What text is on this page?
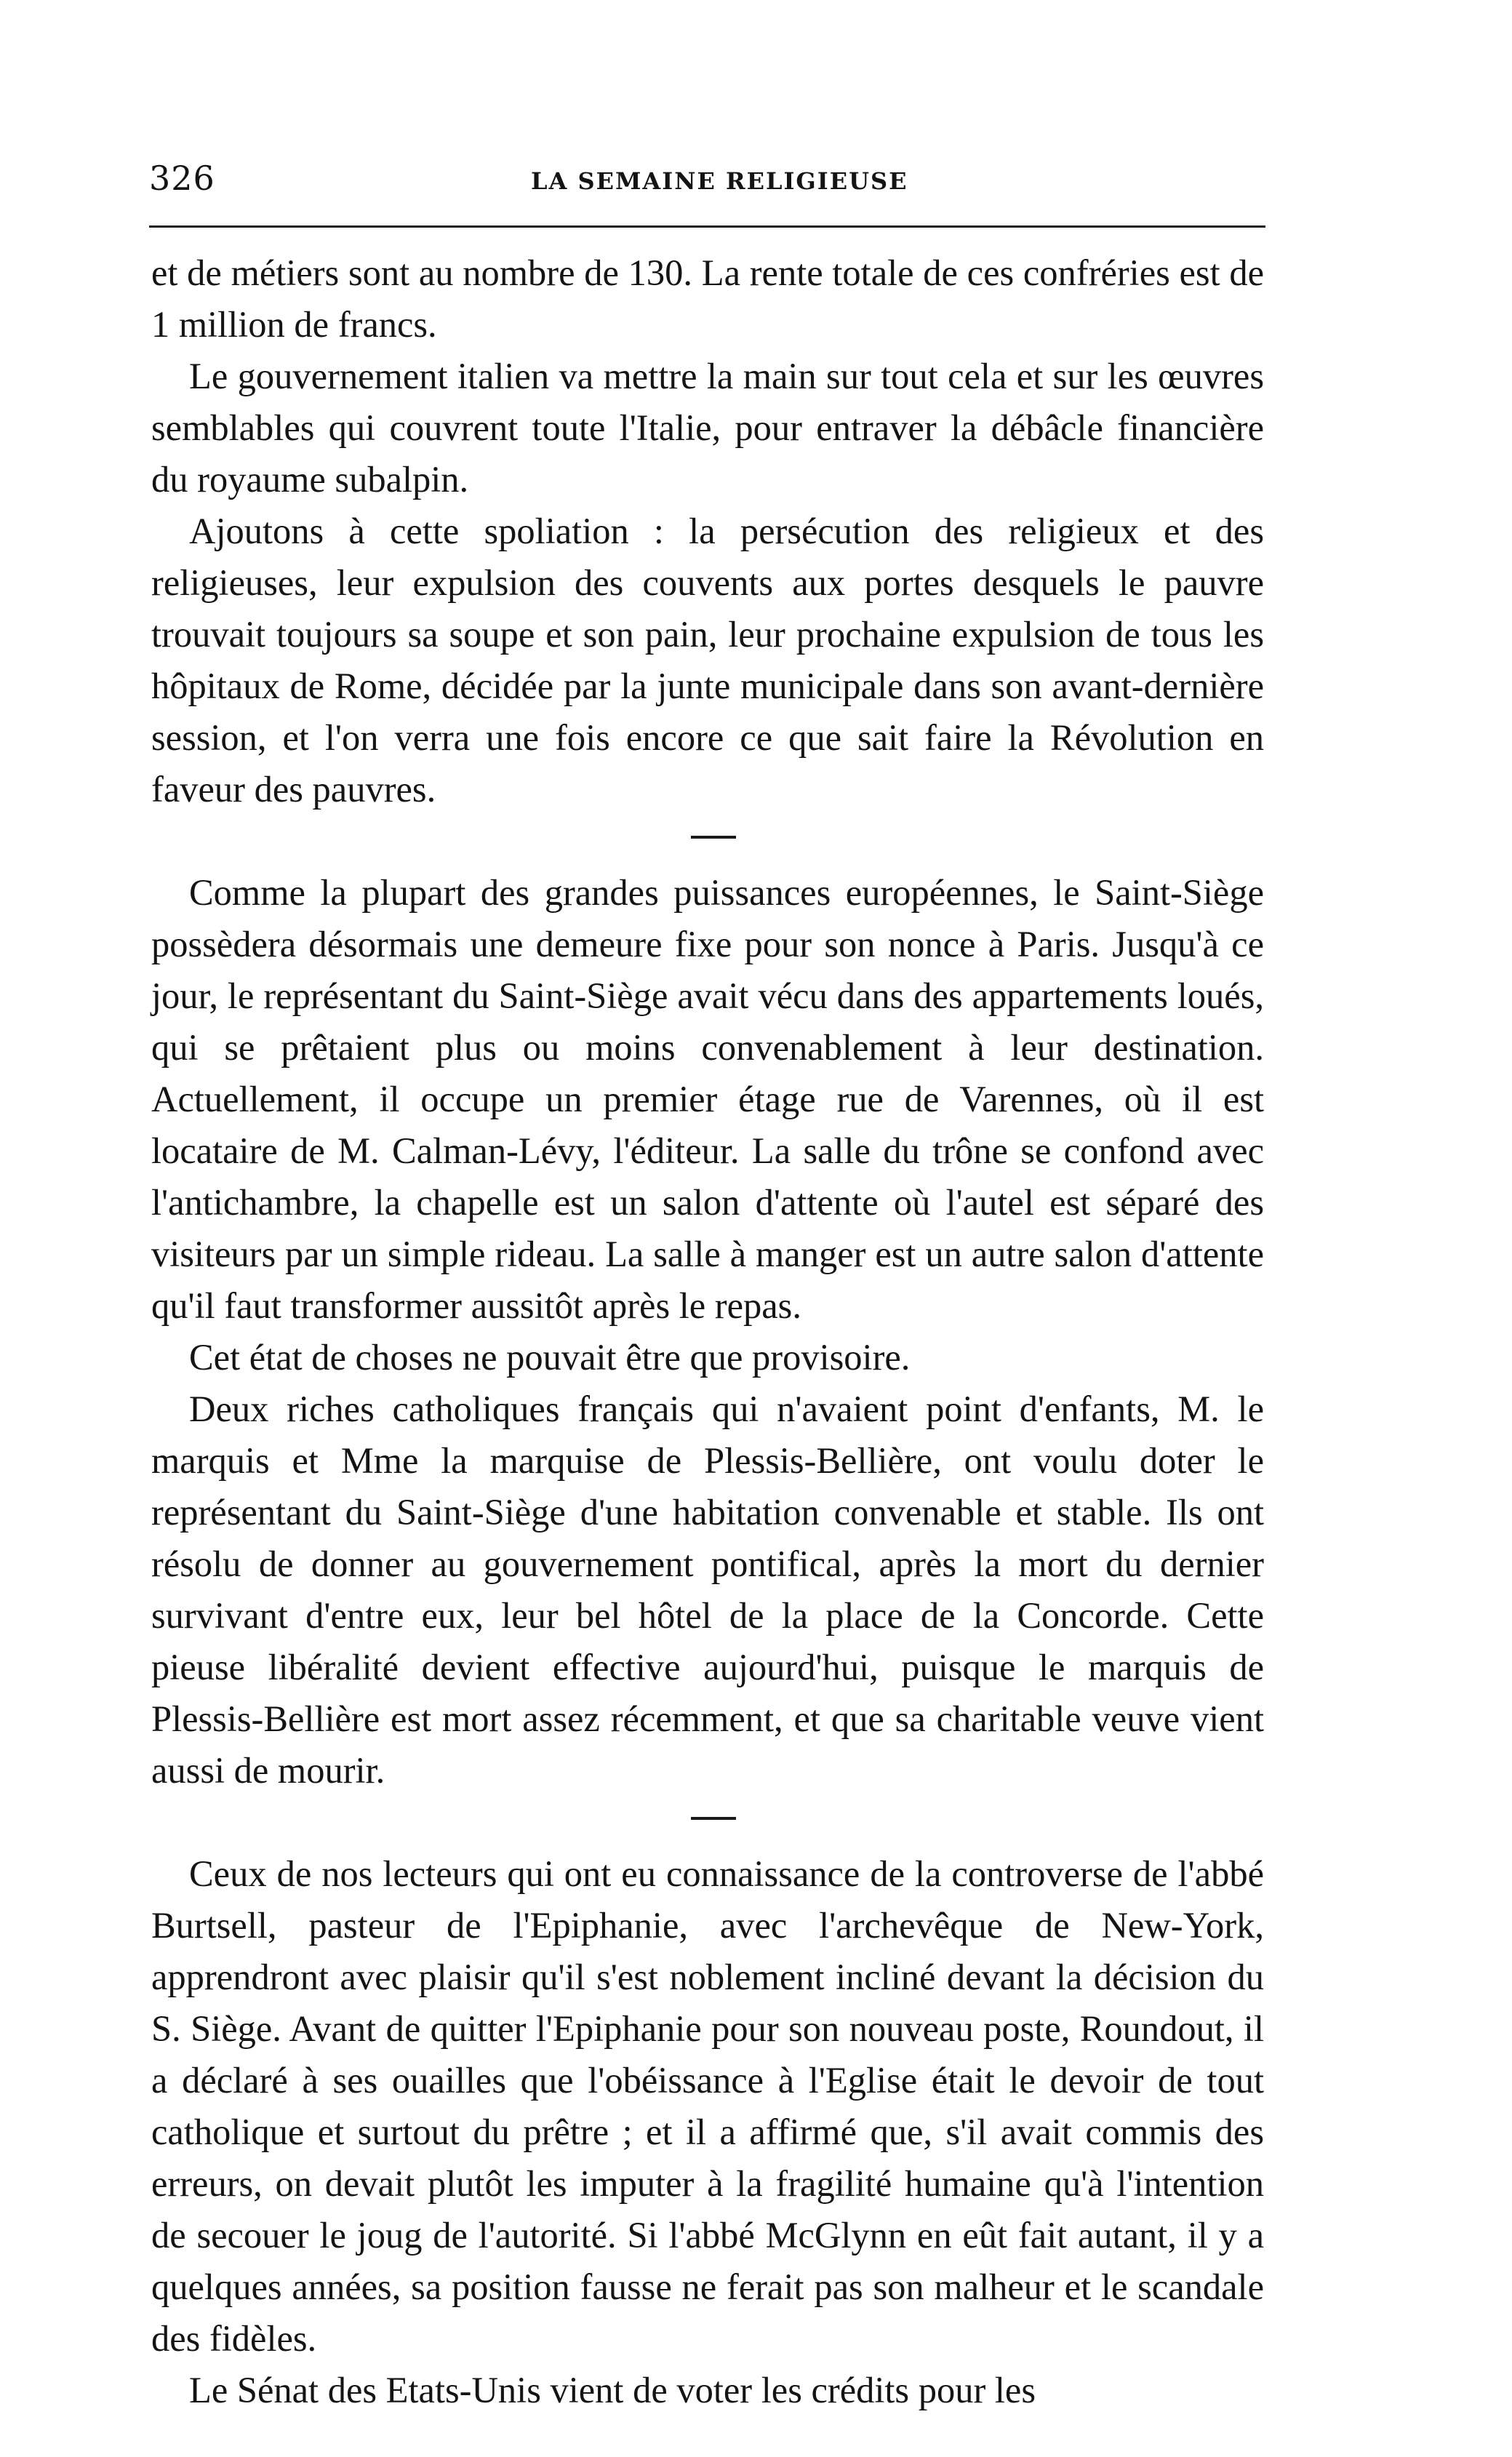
326	LA SEMAINE RELIGIEUSE

et de métiers sont au nombre de 130. La rente totale de ces confréries est de 1 million de francs.

Le gouvernement italien va mettre la main sur tout cela et sur les œuvres semblables qui couvrent toute l'Italie, pour entraver la débâcle financière du royaume subalpin.

Ajoutons à cette spoliation : la persécution des religieux et des religieuses, leur expulsion des couvents aux portes desquels le pauvre trouvait toujours sa soupe et son pain, leur prochaine expulsion de tous les hôpitaux de Rome, décidée par la junte municipale dans son avant-dernière session, et l'on verra une fois encore ce que sait faire la Révolution en faveur des pauvres.

Comme la plupart des grandes puissances européennes, le Saint-Siège possèdera désormais une demeure fixe pour son nonce à Paris. Jusqu'à ce jour, le représentant du Saint-Siège avait vécu dans des appartements loués, qui se prêtaient plus ou moins convenablement à leur destination. Actuellement, il occupe un premier étage rue de Varennes, où il est locataire de M. Calman-Lévy, l'éditeur. La salle du trône se confond avec l'antichambre, la chapelle est un salon d'attente où l'autel est séparé des visiteurs par un simple rideau. La salle à manger est un autre salon d'attente qu'il faut transformer aussitôt après le repas.

Cet état de choses ne pouvait être que provisoire.

Deux riches catholiques français qui n'avaient point d'enfants, M. le marquis et Mme la marquise de Plessis-Bellière, ont voulu doter le représentant du Saint-Siège d'une habitation convenable et stable. Ils ont résolu de donner au gouvernement pontifical, après la mort du dernier survivant d'entre eux, leur bel hôtel de la place de la Concorde. Cette pieuse libéralité devient effective aujourd'hui, puisque le marquis de Plessis-Bellière est mort assez récemment, et que sa charitable veuve vient aussi de mourir.

Ceux de nos lecteurs qui ont eu connaissance de la controverse de l'abbé Burtsell, pasteur de l'Epiphanie, avec l'archevêque de New-York, apprendront avec plaisir qu'il s'est noblement incliné devant la décision du S. Siège. Avant de quitter l'Epiphanie pour son nouveau poste, Roundout, il a déclaré à ses ouailles que l'obéissance à l'Eglise était le devoir de tout catholique et surtout du prêtre ; et il a affirmé que, s'il avait commis des erreurs, on devait plutôt les imputer à la fragilité humaine qu'à l'intention de secouer le joug de l'autorité. Si l'abbé McGlynn en eût fait autant, il y a quelques années, sa position fausse ne ferait pas son malheur et le scandale des fidèles.

Le Sénat des Etats-Unis vient de voter les crédits pour les
